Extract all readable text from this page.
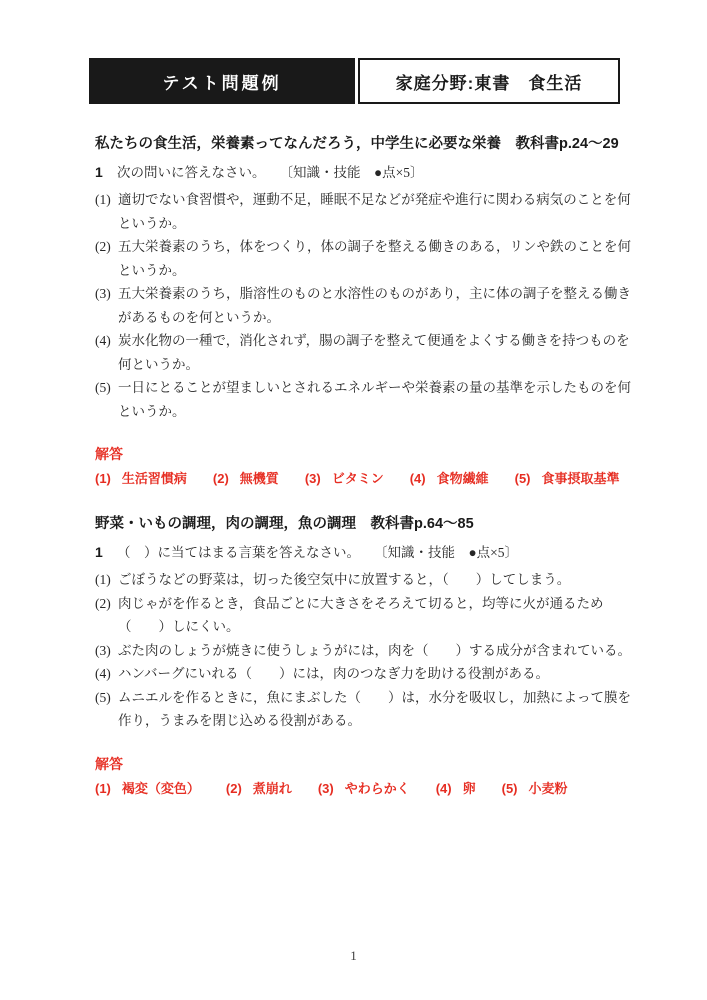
テスト問題例	家庭分野:東書　食生活
私たちの食生活，栄養素ってなんだろう，中学生に必要な栄養　教科書p.24〜29
1	次の問いに答えなさい。 〔知識・技能　●点×5〕
(1) 適切でない食習慣や，運動不足，睡眠不足などが発症や進行に関わる病気のことを何というか。
(2) 五大栄養素のうち，体をつくり，体の調子を整える働きのある，リンや鉄のことを何というか。
(3) 五大栄養素のうち，脂溶性のものと水溶性のものがあり，主に体の調子を整える働きがあるものを何というか。
(4) 炭水化物の一種で，消化されず，腸の調子を整えて便通をよくする働きを持つものを何というか。
(5) 一日にとることが望ましいとされるエネルギーや栄養素の量の基準を示したものを何というか。
解答
(1) 生活習慣病 (2) 無機質 (3) ビタミン (4) 食物繊維 (5) 食事摂取基準
野菜・いもの調理，肉の調理，魚の調理　教科書p.64〜85
1	（　）に当てはまる言葉を答えなさい。 〔知識・技能　●点×5〕
(1) ごぼうなどの野菜は，切った後空気中に放置すると，（　　）してしまう。
(2) 肉じゃがを作るとき，食品ごとに大きさをそろえて切ると，均等に火が通るため（　　）しにくい。
(3) ぶた肉のしょうが焼きに使うしょうがには，肉を（　　）する成分が含まれている。
(4) ハンバーグにいれる（　　）には，肉のつなぎ力を助ける役割がある。
(5) ムニエルを作るときに，魚にまぶした（　　）は，水分を吸収し，加熱によって膜を作り，うまみを閉じ込める役割がある。
解答
(1) 褐変（変色） (2) 煮崩れ (3) やわらかく (4) 卵 (5) 小麦粉
1
